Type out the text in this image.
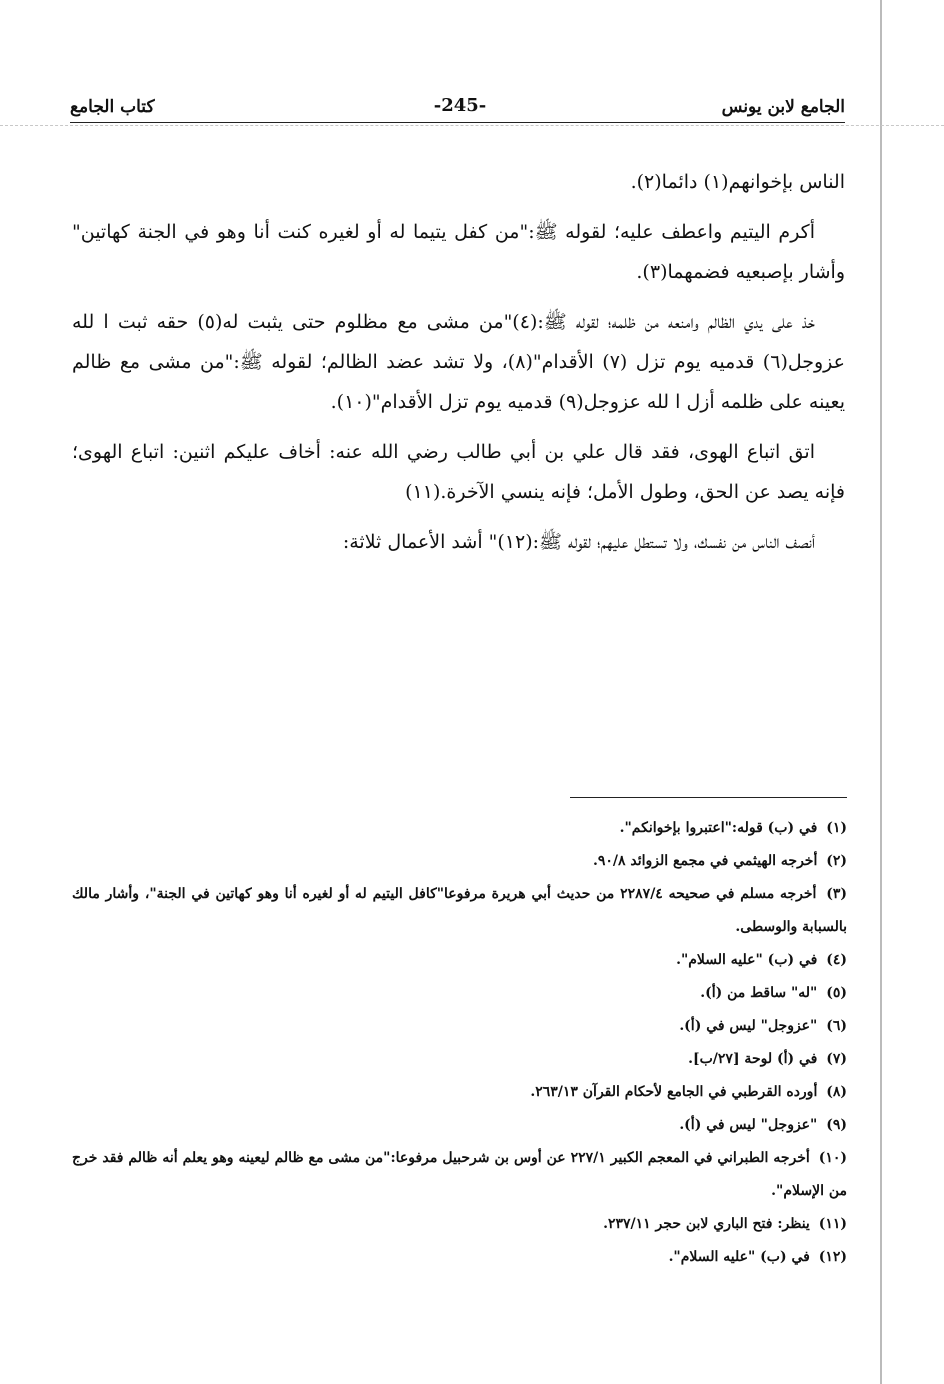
الجامع لابن يونس
-245-
كتاب الجامع

الناس بإخوانهم(١) دائما(٢).

أكرم اليتيم واعطف عليه؛ لقوله ﷺ:"من كفل يتيما له أو لغيره كنت أنا وهو في الجنة كهاتين" وأشار بإصبعيه فضمهما(٣).

خذ على يدي الظالم وامنعه من ظلمه؛ لقوله ﷺ:(٤)"من مشى مع مظلوم حتى يثبت له(٥) حقه ثبت ا لله عزوجل(٦) قدميه يوم تزل (٧) الأقدام"(٨)، ولا تشد عضد الظالم؛ لقوله ﷺ:"من مشى مع ظالم يعينه على ظلمه أزل ا لله عزوجل(٩) قدميه يوم تزل الأقدام"(١٠).

اتق اتباع الهوى، فقد قال علي بن أبي طالب رضي الله عنه: أخاف عليكم اثنين: اتباع الهوى؛ فإنه يصد عن الحق، وطول الأمل؛ فإنه ينسي الآخرة.(١١)

أنصف الناس من نفسك، ولا تستطل عليهم؛ لقوله ﷺ:(١٢)" أشد الأعمال ثلاثة:

(١) في (ب) قوله:"اعتبروا بإخوانكم".

(٢) أخرجه الهيثمي في مجمع الزوائد ٩٠/٨.

(٣) أخرجه مسلم في صحيحه ٢٢٨٧/٤ من حديث أبي هريرة مرفوعا"كافل اليتيم له أو لغيره أنا وهو كهاتين في الجنة"، وأشار مالك بالسبابة والوسطى.

(٤) في (ب) "عليه السلام".

(٥) "له" ساقط من (أ).

(٦) "عزوجل" ليس في (أ).

(٧) في (أ) لوحة [٢٧/ب].

(٨) أورده القرطبي في الجامع لأحكام القرآن ٢٦٣/١٣.

(٩) "عزوجل" ليس في (أ).

(١٠) أخرجه الطبراني في المعجم الكبير ٢٢٧/١ عن أوس بن شرحبيل مرفوعا:"من مشى مع ظالم ليعينه وهو يعلم أنه ظالم فقد خرج من الإسلام".

(١١) ينظر: فتح الباري لابن حجر ٢٣٧/١١.

(١٢) في (ب) "عليه السلام".
